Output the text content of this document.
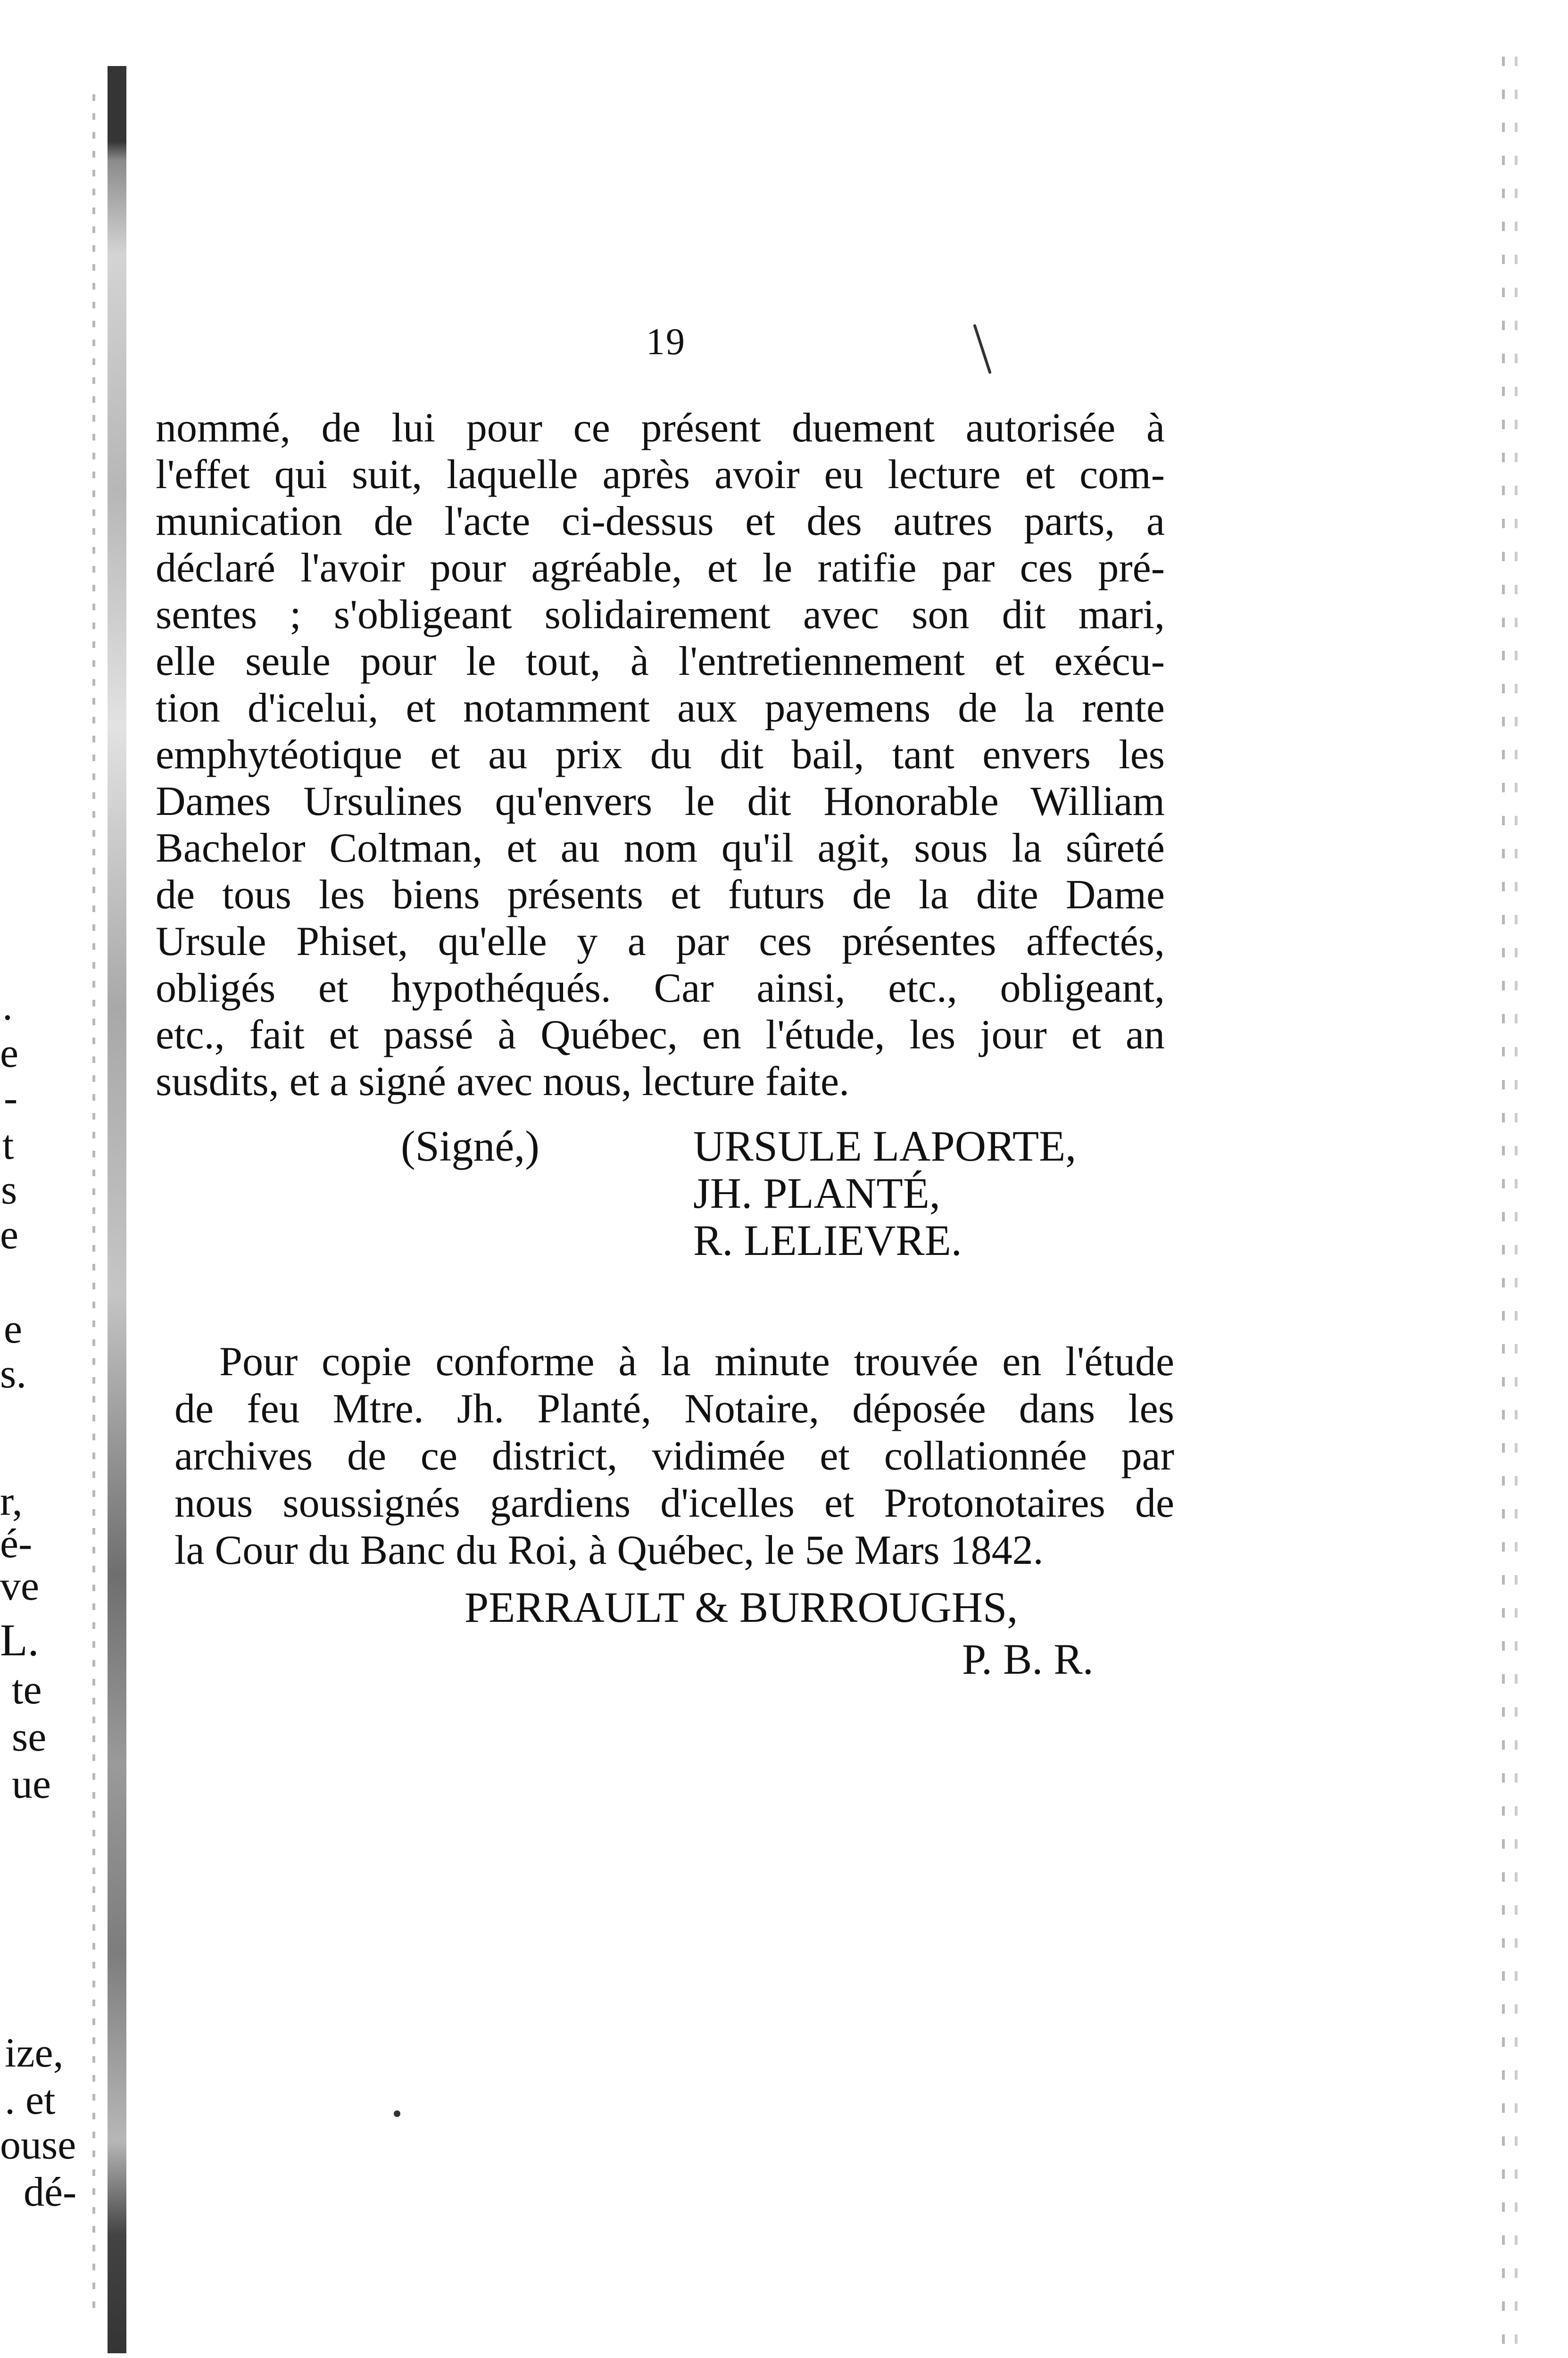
.
e
-
t
s
e
e
s.
r,
é-
ve
L.
te
se
ue
ize,
. et
ouse
dé-
19
nommé, de lui pour ce présent duement autorisée à
l'effet qui suit, laquelle après avoir eu lecture et com-
munication de l'acte ci-dessus et des autres parts, a
déclaré l'avoir pour agréable, et le ratifie par ces pré-
sentes ; s'obligeant solidairement avec son dit mari,
elle seule pour le tout, à l'entretiennement et exécu-
tion d'icelui, et notamment aux payemens de la rente
emphytéotique et au prix du dit bail, tant envers les
Dames Ursulines qu'envers le dit Honorable William
Bachelor Coltman, et au nom qu'il agit, sous la sûreté
de tous les biens présents et futurs de la dite Dame
Ursule Phiset, qu'elle y a par ces présentes affectés,
obligés et hypothéqués. Car ainsi, etc., obligeant,
etc., fait et passé à Québec, en l'étude, les jour et an
susdits, et a signé avec nous, lecture faite.
(Signé,)	URSULE LAPORTE,
JH. PLANTÉ,
R. LELIEVRE.
Pour copie conforme à la minute trouvée en l'étude
de feu Mtre. Jh. Planté, Notaire, déposée dans les
archives de ce district, vidimée et collationnée par
nous soussignés gardiens d'icelles et Protonotaires de
la Cour du Banc du Roi, à Québec, le 5e Mars 1842.
PERRAULT & BURROUGHS,
P. B. R.
